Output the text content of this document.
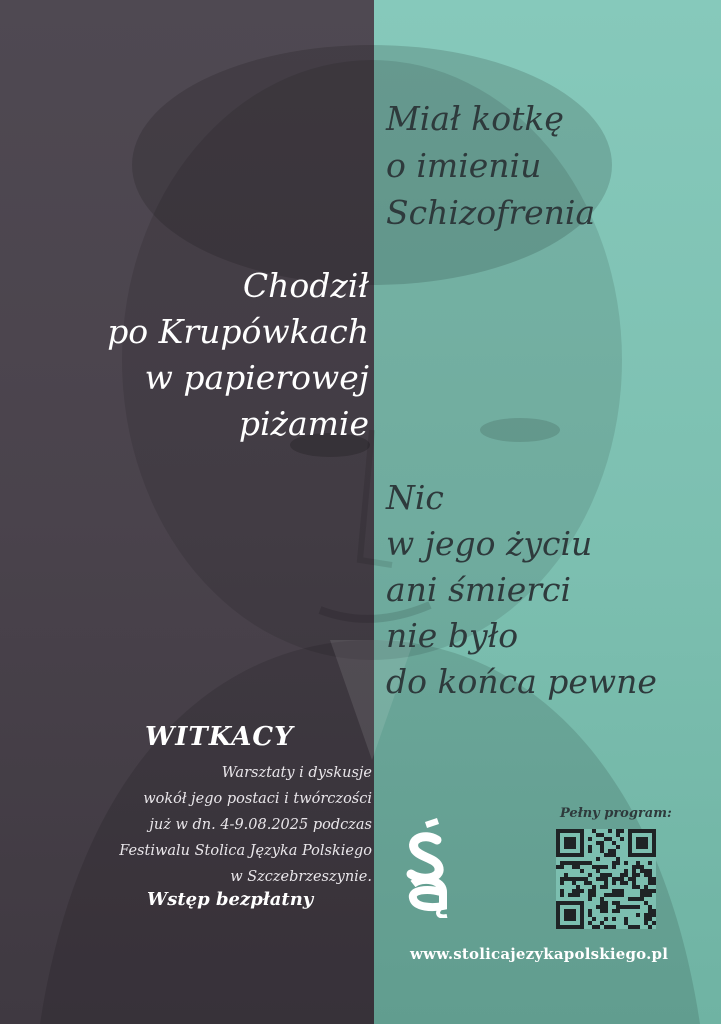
Miał kotkę
o imieniu
Schizofrenia
Chodził
po Krupówkach
w papierowej
piżamie
Nic
w jego życiu
ani śmierci
nie było
do końca pewne
WITKACY
Warsztaty i dyskusje
wokół jego postaci i twórczości
już w dn. 4-9.08.2025 podczas
Festiwalu Stolica Języka Polskiego
w Szczebrzeszynie.
Wstęp bezpłatny
Pełny program:
www.stolicajezykapolskiego.pl
